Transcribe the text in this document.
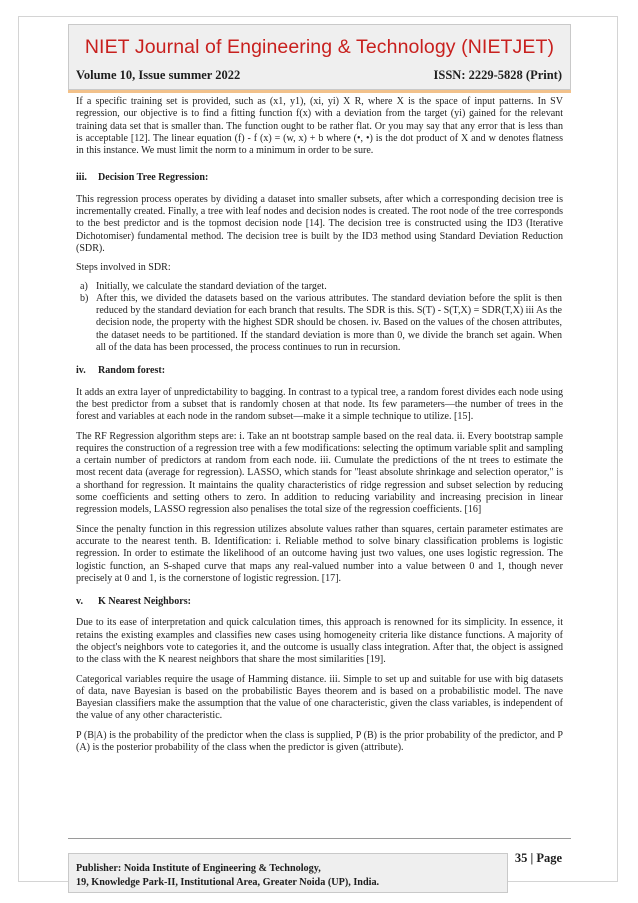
NIET Journal of Engineering & Technology (NIETJET)
Volume 10, Issue summer 2022	ISSN: 2229-5828 (Print)

If a specific training set is provided, such as (x1, y1), (xi, yi) X R, where X is the space of input patterns. In SV regression, our objective is to find a fitting function f(x) with a deviation from the target (yi) gained for the relevant training data set that is smaller than. The function ought to be rather flat. Or you may say that any error that is less than is acceptable [12]. The linear equation (f) - f (x) = (w, x) + b where (•, •) is the dot product of X and w denotes flatness in this instance. We must limit the norm to a minimum in order to be sure.

iii. Decision Tree Regression:

This regression process operates by dividing a dataset into smaller subsets, after which a corresponding decision tree is incrementally created. Finally, a tree with leaf nodes and decision nodes is created. The root node of the tree corresponds to the best predictor and is the topmost decision node [14]. The decision tree is constructed using the ID3 (Iterative Dichotomiser) fundamental method. The decision tree is built by the ID3 method using Standard Deviation Reduction (SDR).

Steps involved in SDR:

a) Initially, we calculate the standard deviation of the target.
b) After this, we divided the datasets based on the various attributes. The standard deviation before the split is then reduced by the standard deviation for each branch that results. The SDR is this. S(T) - S(T,X) = SDR(T,X) iii As the decision node, the property with the highest SDR should be chosen. iv. Based on the values of the chosen attributes, the dataset needs to be partitioned. If the standard deviation is more than 0, we divide the branch set again. When all of the data has been processed, the process continues to run in recursion.
iv. Random forest:

It adds an extra layer of unpredictability to bagging. In contrast to a typical tree, a random forest divides each node using the best predictor from a subset that is randomly chosen at that node. Its few parameters—the number of trees in the forest and variables at each node in the random subset—make it a simple technique to utilize. [15].

The RF Regression algorithm steps are: i. Take an nt bootstrap sample based on the real data. ii. Every bootstrap sample requires the construction of a regression tree with a few modifications: selecting the optimum variable split and sampling a certain number of predictors at random from each node. iii. Cumulate the predictions of the nt trees to estimate the most recent data (average for regression). LASSO, which stands for "least absolute shrinkage and selection operator," is a shorthand for regression. It maintains the quality characteristics of ridge regression and subset selection by reducing some coefficients and setting others to zero. In addition to reducing variability and increasing precision in linear regression models, LASSO regression also penalises the total size of the regression coefficients. [16]

Since the penalty function in this regression utilizes absolute values rather than squares, certain parameter estimates are accurate to the nearest tenth. B. Identification: i. Reliable method to solve binary classification problems is logistic regression. In order to estimate the likelihood of an outcome having just two values, one uses logistic regression. The logistic function, an S-shaped curve that maps any real-valued number into a value between 0 and 1, though never precisely at 0 and 1, is the cornerstone of logistic regression. [17].

v. K Nearest Neighbors:

Due to its ease of interpretation and quick calculation times, this approach is renowned for its simplicity. In essence, it retains the existing examples and classifies new cases using homogeneity criteria like distance functions. A majority of the object's neighbors vote to categories it, and the outcome is usually class integration. After that, the object is assigned to the class with the K nearest neighbors that share the most similarities [19].

Categorical variables require the usage of Hamming distance. iii. Simple to set up and suitable for use with big datasets of data, nave Bayesian is based on the probabilistic Bayes theorem and is based on a probabilistic model. The nave Bayesian classifiers make the assumption that the value of one characteristic, given the class variables, is independent of the value of any other characteristic.

P (B|A) is the probability of the predictor when the class is supplied, P (B) is the prior probability of the predictor, and P (A) is the posterior probability of the class when the predictor is given (attribute).

35 | Page
Publisher: Noida Institute of Engineering & Technology,
19, Knowledge Park-II, Institutional Area, Greater Noida (UP), India.
